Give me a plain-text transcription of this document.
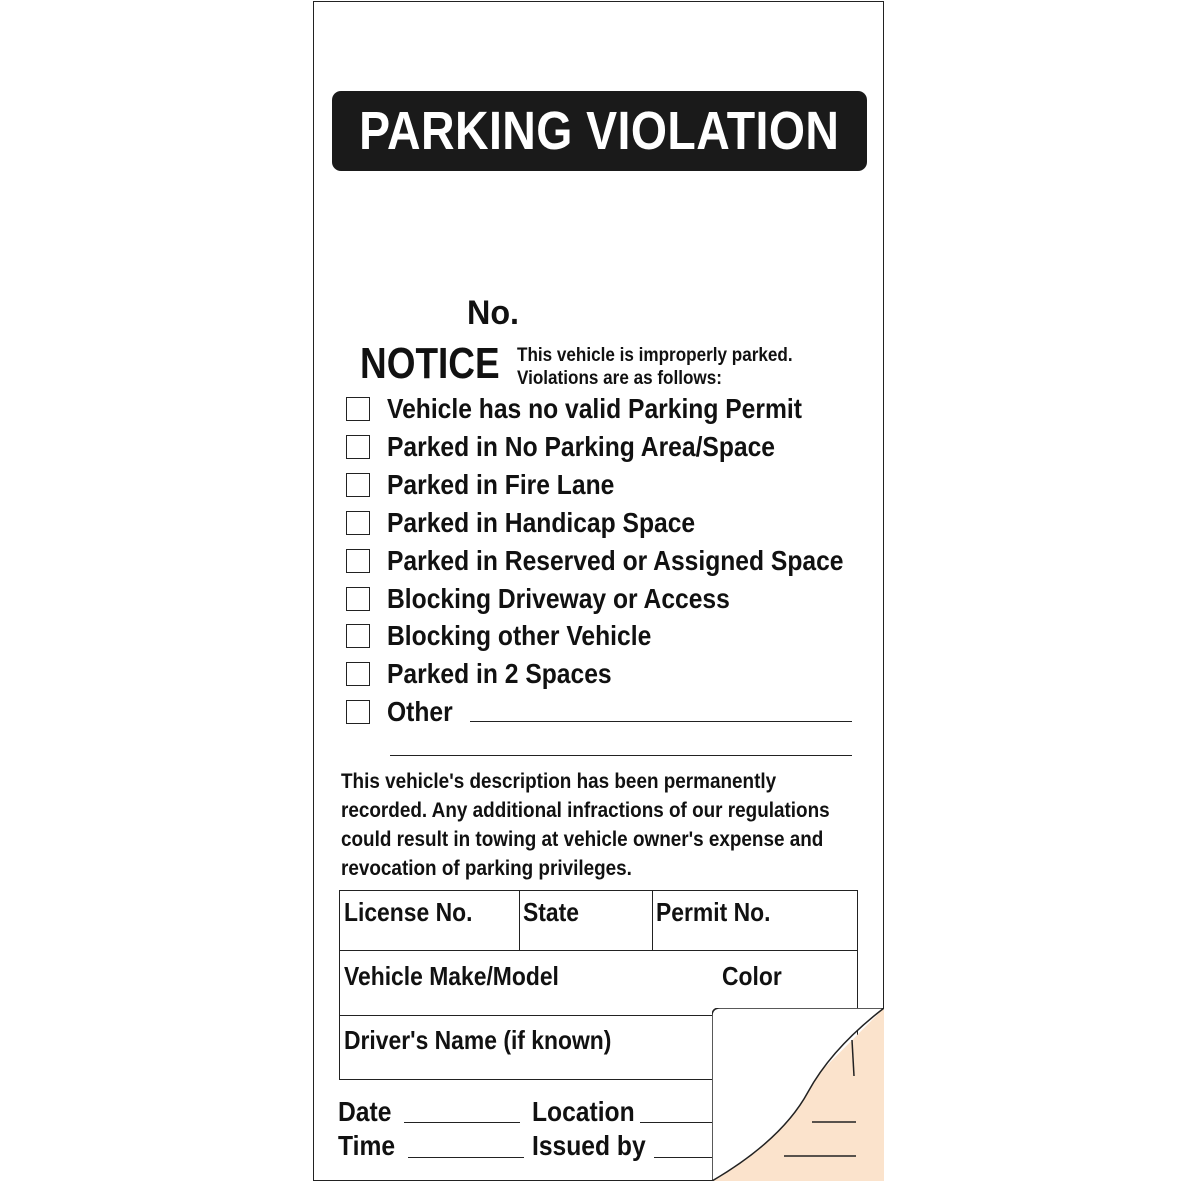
PARKING VIOLATION
No.
NOTICE This vehicle is improperly parked.
Violations are as follows:
Vehicle has no valid Parking Permit
Parked in No Parking Area/Space
Parked in Fire Lane
Parked in Handicap Space
Parked in Reserved or Assigned Space
Blocking Driveway or Access
Blocking other Vehicle
Parked in 2 Spaces
Other
This vehicle's description has been permanently
recorded. Any additional infractions of our regulations
could result in towing at vehicle owner's expense and
revocation of parking privileges.
License No. State	Permit No.
Vehicle Make/Model	Color
Driver's Name (if known)
Date
Time
Location
Issued by
